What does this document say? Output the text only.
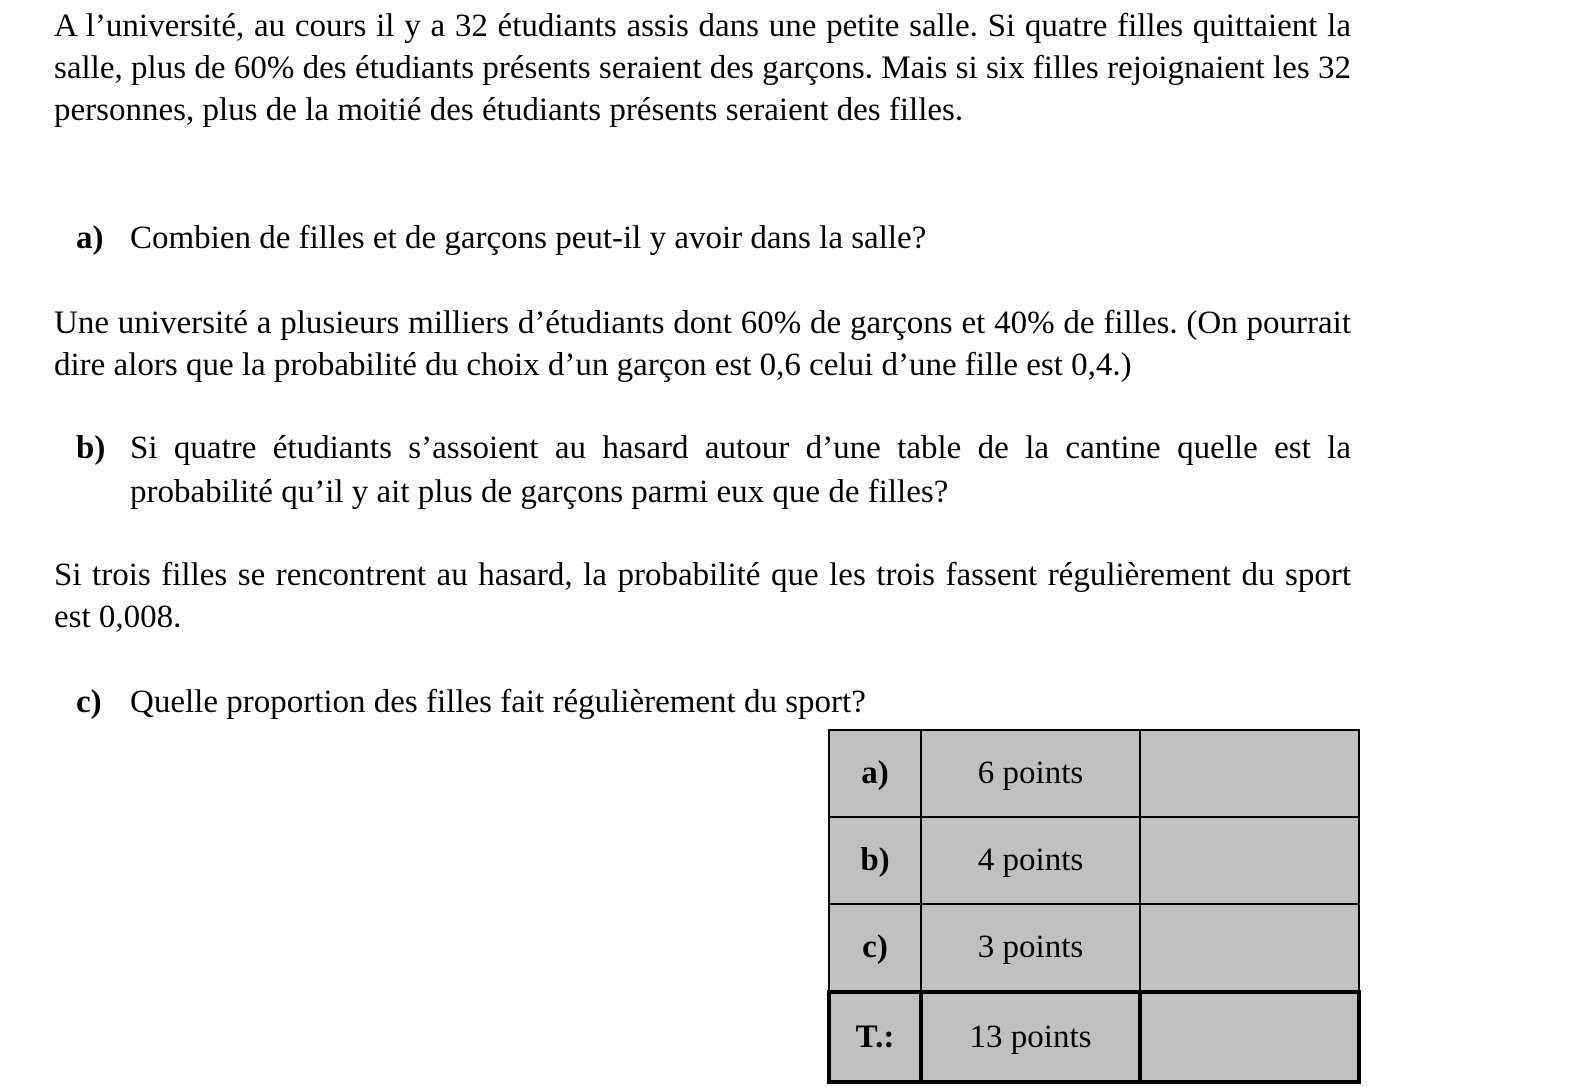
A l’université, au cours il y a 32 étudiants assis dans une petite salle. Si quatre filles quittaient la salle, plus de 60% des étudiants présents seraient des garçons. Mais si six filles rejoignaient les 32 personnes, plus de la moitié des étudiants présents seraient des filles.

a) Combien de filles et de garçons peut-il y avoir dans la salle?

Une université a plusieurs milliers d’étudiants dont 60% de garçons et 40% de filles. (On pourrait dire alors que la probabilité du choix d’un garçon est 0,6 celui d’une fille est 0,4.)

b) Si quatre étudiants s’assoient au hasard autour d’une table de la cantine quelle est la probabilité qu’il y ait plus de garçons parmi eux que de filles?

Si trois filles se rencontrent au hasard, la probabilité que les trois fassent régulièrement du sport est 0,008.

c) Quelle proportion des filles fait régulièrement du sport?
a)	6 points	
b)	4 points	
c)	3 points	
T.:	13 points	
